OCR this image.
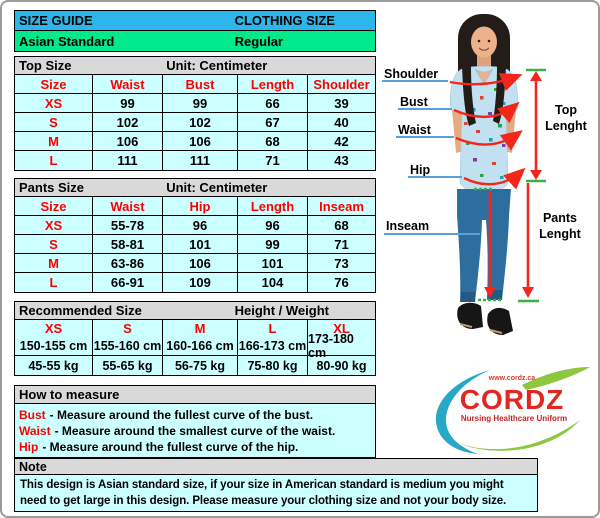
SIZE GUIDE	CLOTHING SIZE
Asian Standard	Regular
Top Size	Unit: Centimeter
Size	Waist	Bust	Length	Shoulder
XS	99	99	66	39
S	102	102	67	40
M	106	106	68	42
L	111	111	71	43
Pants Size	Unit: Centimeter
Size	Waist	Hip	Length	Inseam
XS	55-78	96	96	68
S	58-81	101	99	71
M	63-86	106	101	73
L	66-91	109	104	76
Recommended Size	Height / Weight
XS	S	M	L	XL
150-155 cm 155-160 cm 160-166 cm 166-173 cm 173-180 cm
45-55 kg	55-65 kg	56-75 kg	75-80 kg	80-90 kg
How to measure
Bust - Measure around the fullest curve of the bust.
Waist - Measure around the smallest curve of the waist.
Hip - Measure around the fullest curve of the hip.
Note
This design is Asian standard size, if your size in American standard is medium you might need to get large in this design. Please measure your clothing size and not your body size.
Shoulder
Bust
Waist
Hip
Inseam
Top
Lenght
Pants
Lenght
www.cordz.ca
CORDZ
Nursing Healthcare Uniform
